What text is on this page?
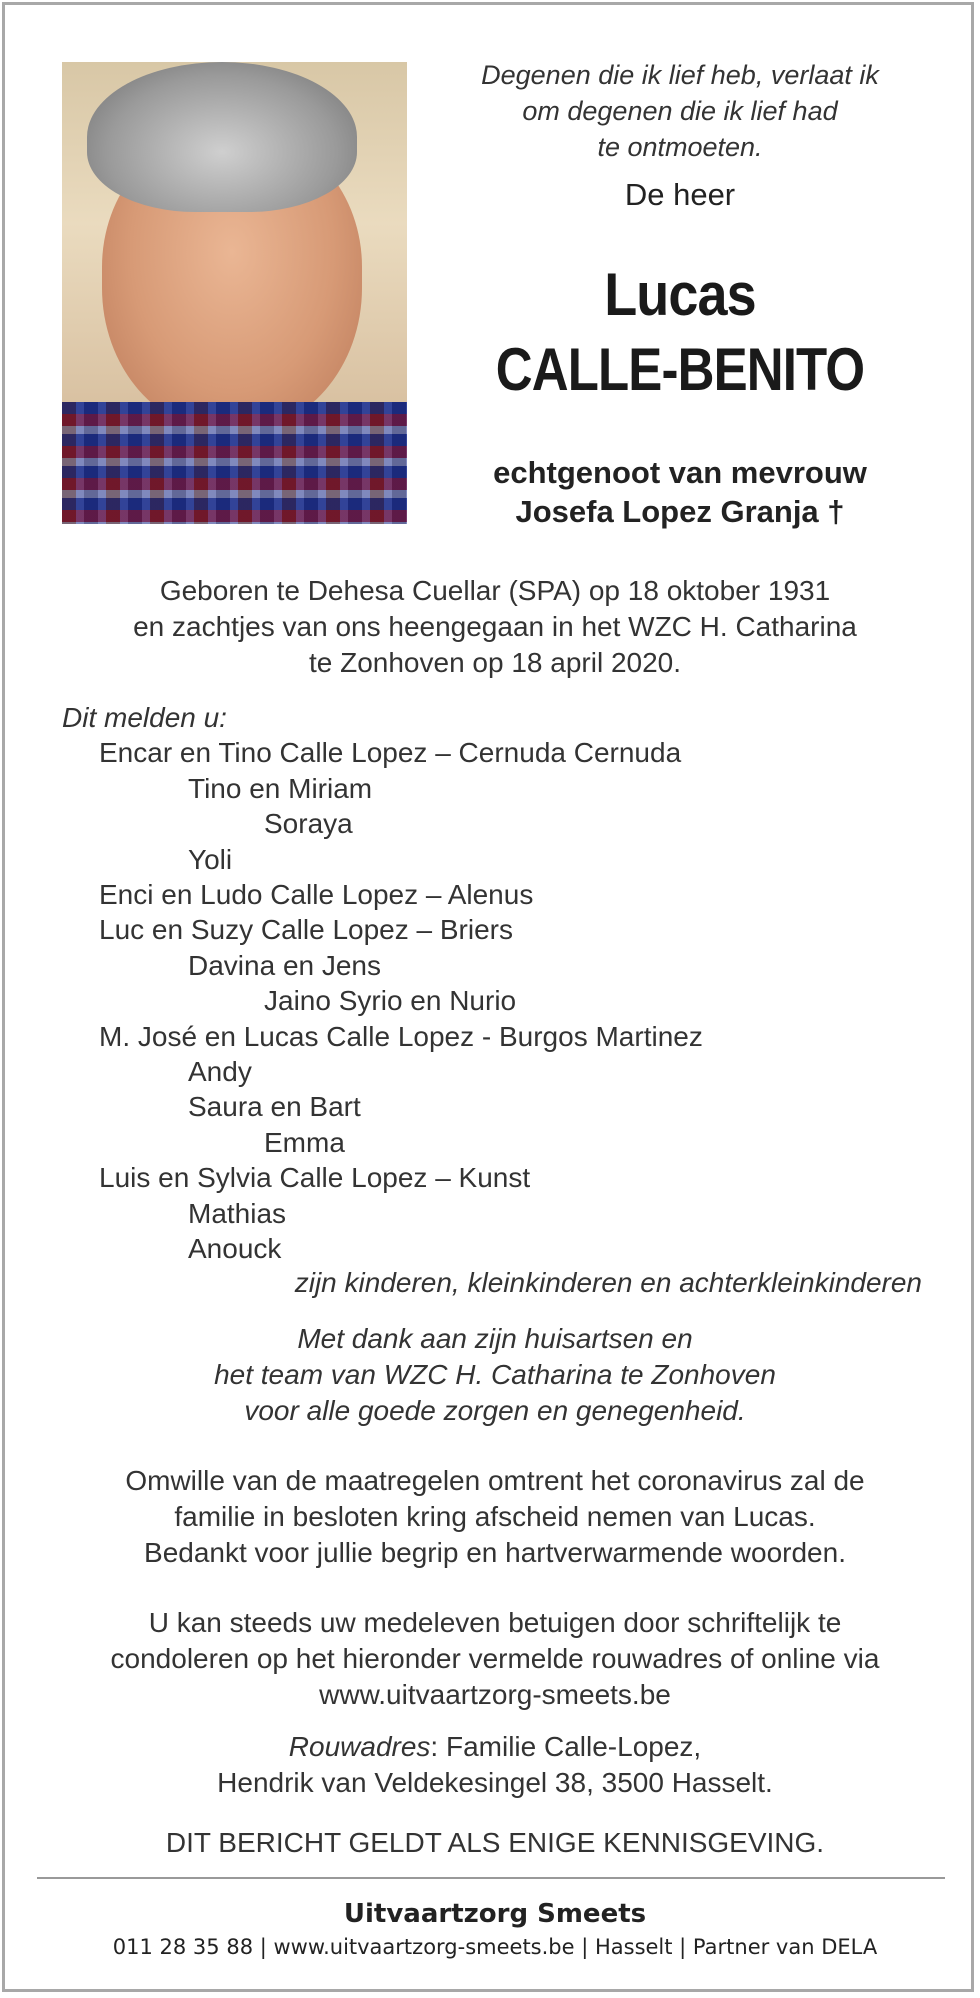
Degenen die ik lief heb, verlaat ik
om degenen die ik lief had
te ontmoeten.
De heer
Lucas
CALLE-BENITO
echtgenoot van mevrouw
Josefa Lopez Granja †
Geboren te Dehesa Cuellar (SPA) op 18 oktober 1931
en zachtjes van ons heengegaan in het WZC H. Catharina
te Zonhoven op 18 april 2020.
Dit melden u:
Encar en Tino Calle Lopez – Cernuda Cernuda
Tino en Miriam
Soraya
Yoli
Enci en Ludo Calle Lopez – Alenus
Luc en Suzy Calle Lopez – Briers
Davina en Jens
Jaino Syrio en Nurio
M. José en Lucas Calle Lopez - Burgos Martinez
Andy
Saura en Bart
Emma
Luis en Sylvia Calle Lopez – Kunst
Mathias
Anouck
zijn kinderen, kleinkinderen en achterkleinkinderen
Met dank aan zijn huisartsen en
het team van WZC H. Catharina te Zonhoven
voor alle goede zorgen en genegenheid.
Omwille van de maatregelen omtrent het coronavirus zal de
familie in besloten kring afscheid nemen van Lucas.
Bedankt voor jullie begrip en hartverwarmende woorden.
U kan steeds uw medeleven betuigen door schriftelijk te
condoleren op het hieronder vermelde rouwadres of online via
www.uitvaartzorg-smeets.be
Rouwadres: Familie Calle-Lopez,
Hendrik van Veldekesingel 38, 3500 Hasselt.
DIT BERICHT GELDT ALS ENIGE KENNISGEVING.
Uitvaartzorg Smeets
011 28 35 88 | www.uitvaartzorg-smeets.be | Hasselt | Partner van DELA
